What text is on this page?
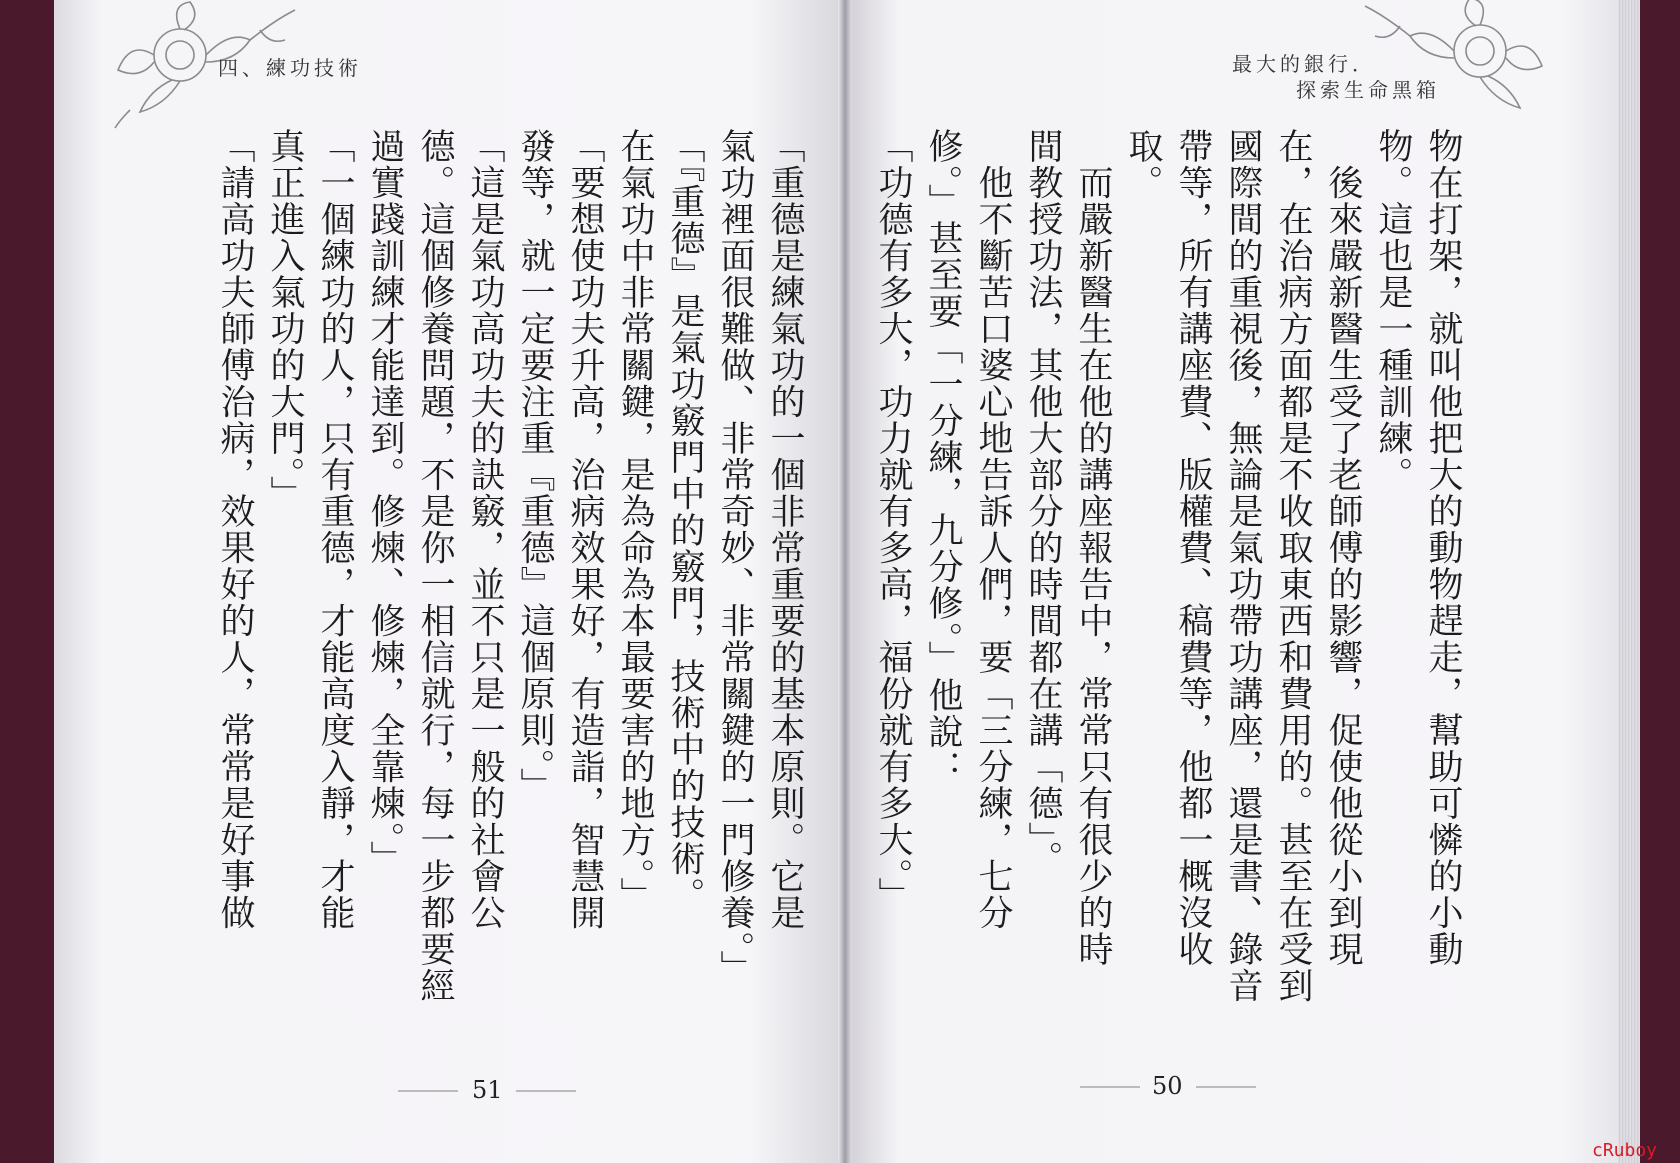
四、練功技術	最大的銀行．
探索生命黑箱
物在打架，就叫他把大的動物趕走，幫助可憐的小動
物。這也是一種訓練。
　後來嚴新醫生受了老師傅的影響，促使他從小到現
在，在治病方面都是不收取東西和費用的。甚至在受到
國際間的重視後，無論是氣功帶功講座，還是書、錄音
帶等，所有講座費、版權費、稿費等，他都一概沒收
取。
　而嚴新醫生在他的講座報告中，常常只有很少的時
間教授功法，其他大部分的時間都在講「德」。
　他不斷苦口婆心地告訴人們，要「三分練，七分
修。」甚至要「一分練，九分修。」他說：
「功德有多大，功力就有多高，福份就有多大。」
「重德是練氣功的一個非常重要的基本原則。它是
氣功裡面很難做、非常奇妙、非常關鍵的一門修養。」
「『重德』是氣功竅門中的竅門，技術中的技術。
在氣功中非常關鍵，是為命為本最要害的地方。」
「要想使功夫升高，治病效果好，有造詣，智慧開
發等，就一定要注重『重德』這個原則。」
「這是氣功高功夫的訣竅，並不只是一般的社會公
德。這個修養問題，不是你一相信就行，每一步都要經
過實踐訓練才能達到。修煉、修煉，全靠煉。」
「一個練功的人，只有重德，才能高度入靜，才能
真正進入氣功的大門。」
「請高功夫師傅治病，效果好的人，常常是好事做
51	50
cRuboy
